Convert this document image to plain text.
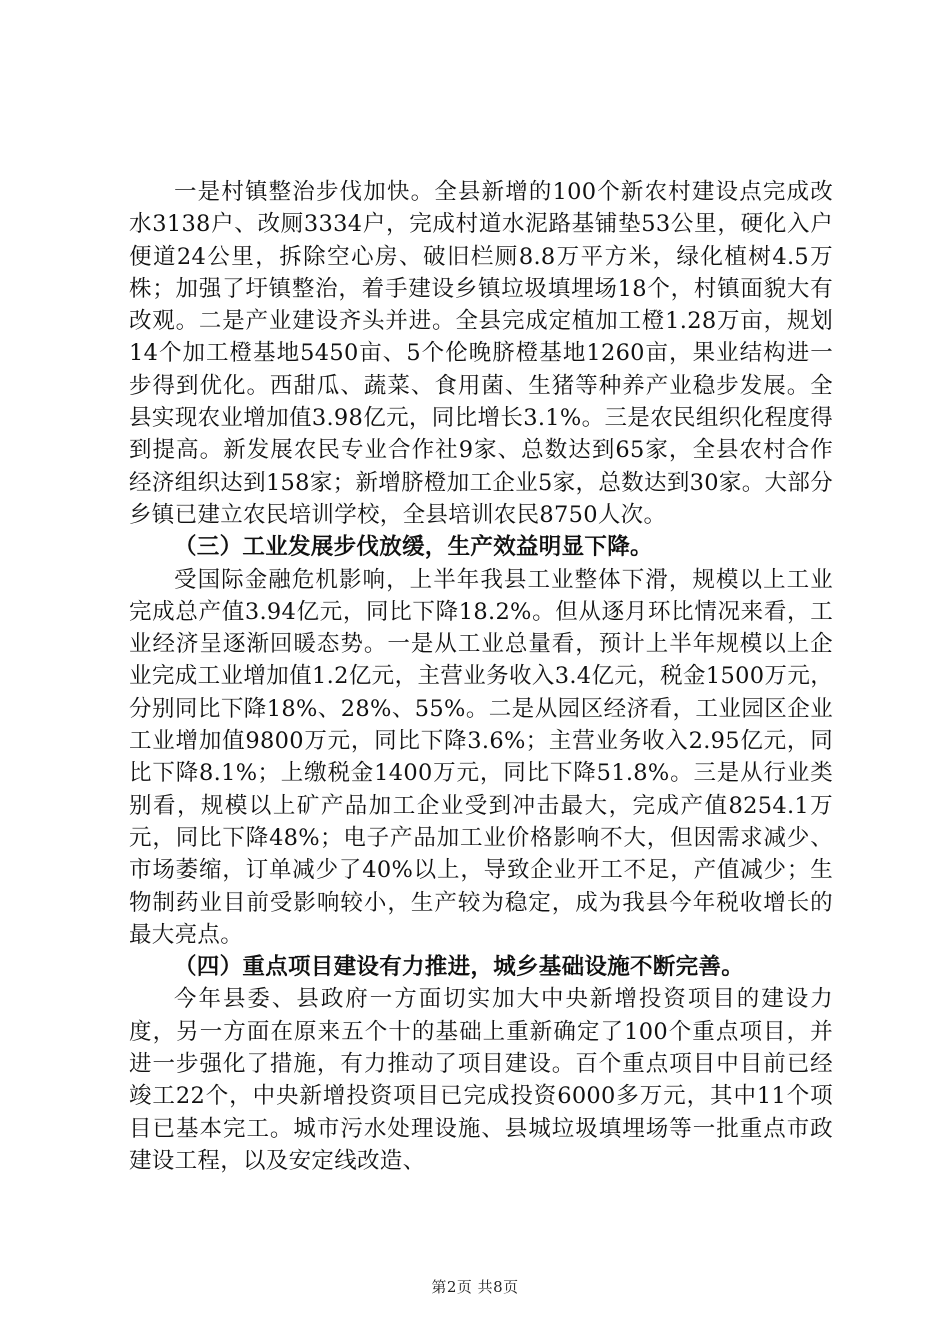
一是村镇整治步伐加快。全县新增的100个新农村建设点完成改水3138户、改厕3334户，完成村道水泥路基铺垫53公里，硬化入户便道24公里，拆除空心房、破旧栏厕8.8万平方米，绿化植树4.5万株；加强了圩镇整治，着手建设乡镇垃圾填埋场18个，村镇面貌大有改观。二是产业建设齐头并进。全县完成定植加工橙1.28万亩，规划14个加工橙基地5450亩、5个伦晚脐橙基地1260亩，果业结构进一步得到优化。西甜瓜、蔬菜、食用菌、生猪等种养产业稳步发展。全县实现农业增加值3.98亿元，同比增长3.1%。三是农民组织化程度得到提高。新发展农民专业合作社9家、总数达到65家，全县农村合作经济组织达到158家；新增脐橙加工企业5家，总数达到30家。大部分乡镇已建立农民培训学校，全县培训农民8750人次。

（三）工业发展步伐放缓，生产效益明显下降。

受国际金融危机影响，上半年我县工业整体下滑，规模以上工业完成总产值3.94亿元，同比下降18.2%。但从逐月环比情况来看，工业经济呈逐渐回暖态势。一是从工业总量看，预计上半年规模以上企业完成工业增加值1.2亿元，主营业务收入3.4亿元，税金1500万元，分别同比下降18%、28%、55%。二是从园区经济看，工业园区企业工业增加值9800万元，同比下降3.6%；主营业务收入2.95亿元，同比下降8.1%；上缴税金1400万元，同比下降51.8%。三是从行业类别看，规模以上矿产品加工企业受到冲击最大，完成产值8254.1万元，同比下降48%；电子产品加工业价格影响不大，但因需求减少、市场萎缩，订单减少了40%以上，导致企业开工不足，产值减少；生物制药业目前受影响较小，生产较为稳定，成为我县今年税收增长的最大亮点。

（四）重点项目建设有力推进，城乡基础设施不断完善。

今年县委、县政府一方面切实加大中央新增投资项目的建设力度，另一方面在原来五个十的基础上重新确定了100个重点项目，并进一步强化了措施，有力推动了项目建设。百个重点项目中目前已经竣工22个，中央新增投资项目已完成投资6000多万元，其中11个项目已基本完工。城市污水处理设施、县城垃圾填埋场等一批重点市政建设工程，以及安定线改造、

第2页 共8页
